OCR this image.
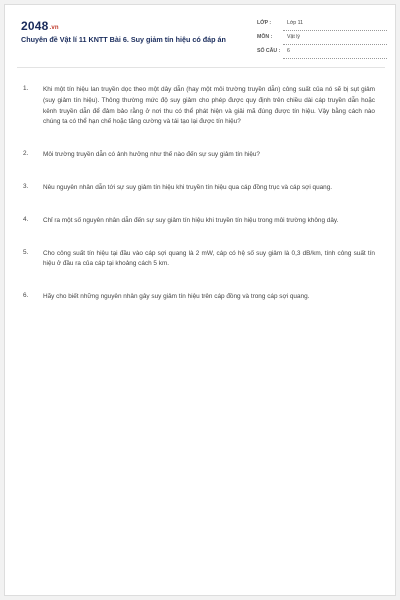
2048.vn
Chuyên đề Vật lí 11 KNTT Bài 6. Suy giảm tín hiệu có đáp án
LỚP :	Lớp 11
MÔN :	Vật lý
SỐ CÂU : 6
1. Khi một tín hiệu lan truyền dọc theo một dây dẫn (hay một môi trường truyền dẫn) công suất của nó sẽ bị sụt giảm (suy giảm tín hiệu). Thông thường mức độ suy giảm cho phép được quy định trên chiều dài cáp truyền dẫn hoặc kênh truyền dẫn để đảm bảo rằng ở nơi thu có thể phát hiện và giải mã đúng được tín hiệu. Vậy bằng cách nào chúng ta có thể hạn chế hoặc tăng cường và tái tạo lại được tín hiệu?
2. Môi trường truyền dẫn có ảnh hưởng như thế nào đến sự suy giảm tín hiệu?
3. Nêu nguyên nhân dẫn tới sự suy giảm tín hiệu khi truyền tín hiệu qua cáp đồng trục và cáp sợi quang.
4. Chỉ ra một số nguyên nhân dẫn đến sự suy giảm tín hiệu khi truyền tín hiệu trong môi trường không dây.
5. Cho công suất tín hiệu tại đầu vào cáp sợi quang là 2 mW, cáp có hệ số suy giảm là 0,3 dB/km, tính công suất tín hiệu ở đầu ra của cáp tại khoảng cách 5 km.
6. Hãy cho biết những nguyên nhân gây suy giảm tín hiệu trên cáp đồng và trong cáp sợi quang.
